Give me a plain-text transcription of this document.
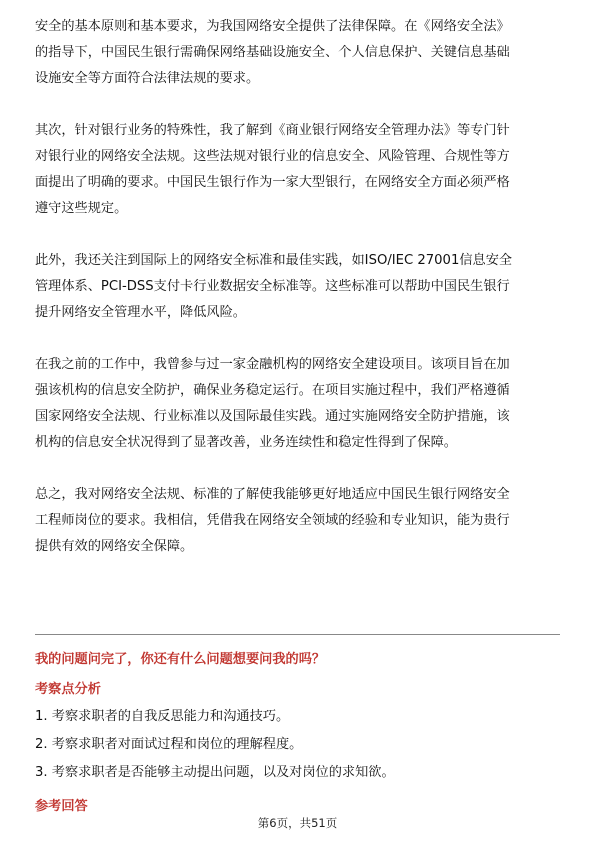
安全的基本原则和基本要求，为我国网络安全提供了法律保障。在《网络安全法》

的指导下，中国民生银行需确保网络基础设施安全、个人信息保护、关键信息基础

设施安全等方面符合法律法规的要求。

其次，针对银行业务的特殊性，我了解到《商业银行网络安全管理办法》等专门针

对银行业的网络安全法规。这些法规对银行业的信息安全、风险管理、合规性等方

面提出了明确的要求。中国民生银行作为一家大型银行，在网络安全方面必须严格

遵守这些规定。

此外，我还关注到国际上的网络安全标准和最佳实践，如ISO/IEC 27001信息安全

管理体系、PCI-DSS支付卡行业数据安全标准等。这些标准可以帮助中国民生银行

提升网络安全管理水平，降低风险。

在我之前的工作中，我曾参与过一家金融机构的网络安全建设项目。该项目旨在加

强该机构的信息安全防护，确保业务稳定运行。在项目实施过程中，我们严格遵循

国家网络安全法规、行业标准以及国际最佳实践。通过实施网络安全防护措施，该

机构的信息安全状况得到了显著改善，业务连续性和稳定性得到了保障。

总之，我对网络安全法规、标准的了解使我能够更好地适应中国民生银行网络安全

工程师岗位的要求。我相信，凭借我在网络安全领域的经验和专业知识，能为贵行

提供有效的网络安全保障。

我的问题问完了，你还有什么问题想要问我的吗？
考察点分析
1. 考察求职者的自我反思能力和沟通技巧。
2. 考察求职者对面试过程和岗位的理解程度。
3. 考察求职者是否能够主动提出问题，以及对岗位的求知欲。
参考回答
第6页，共51页
